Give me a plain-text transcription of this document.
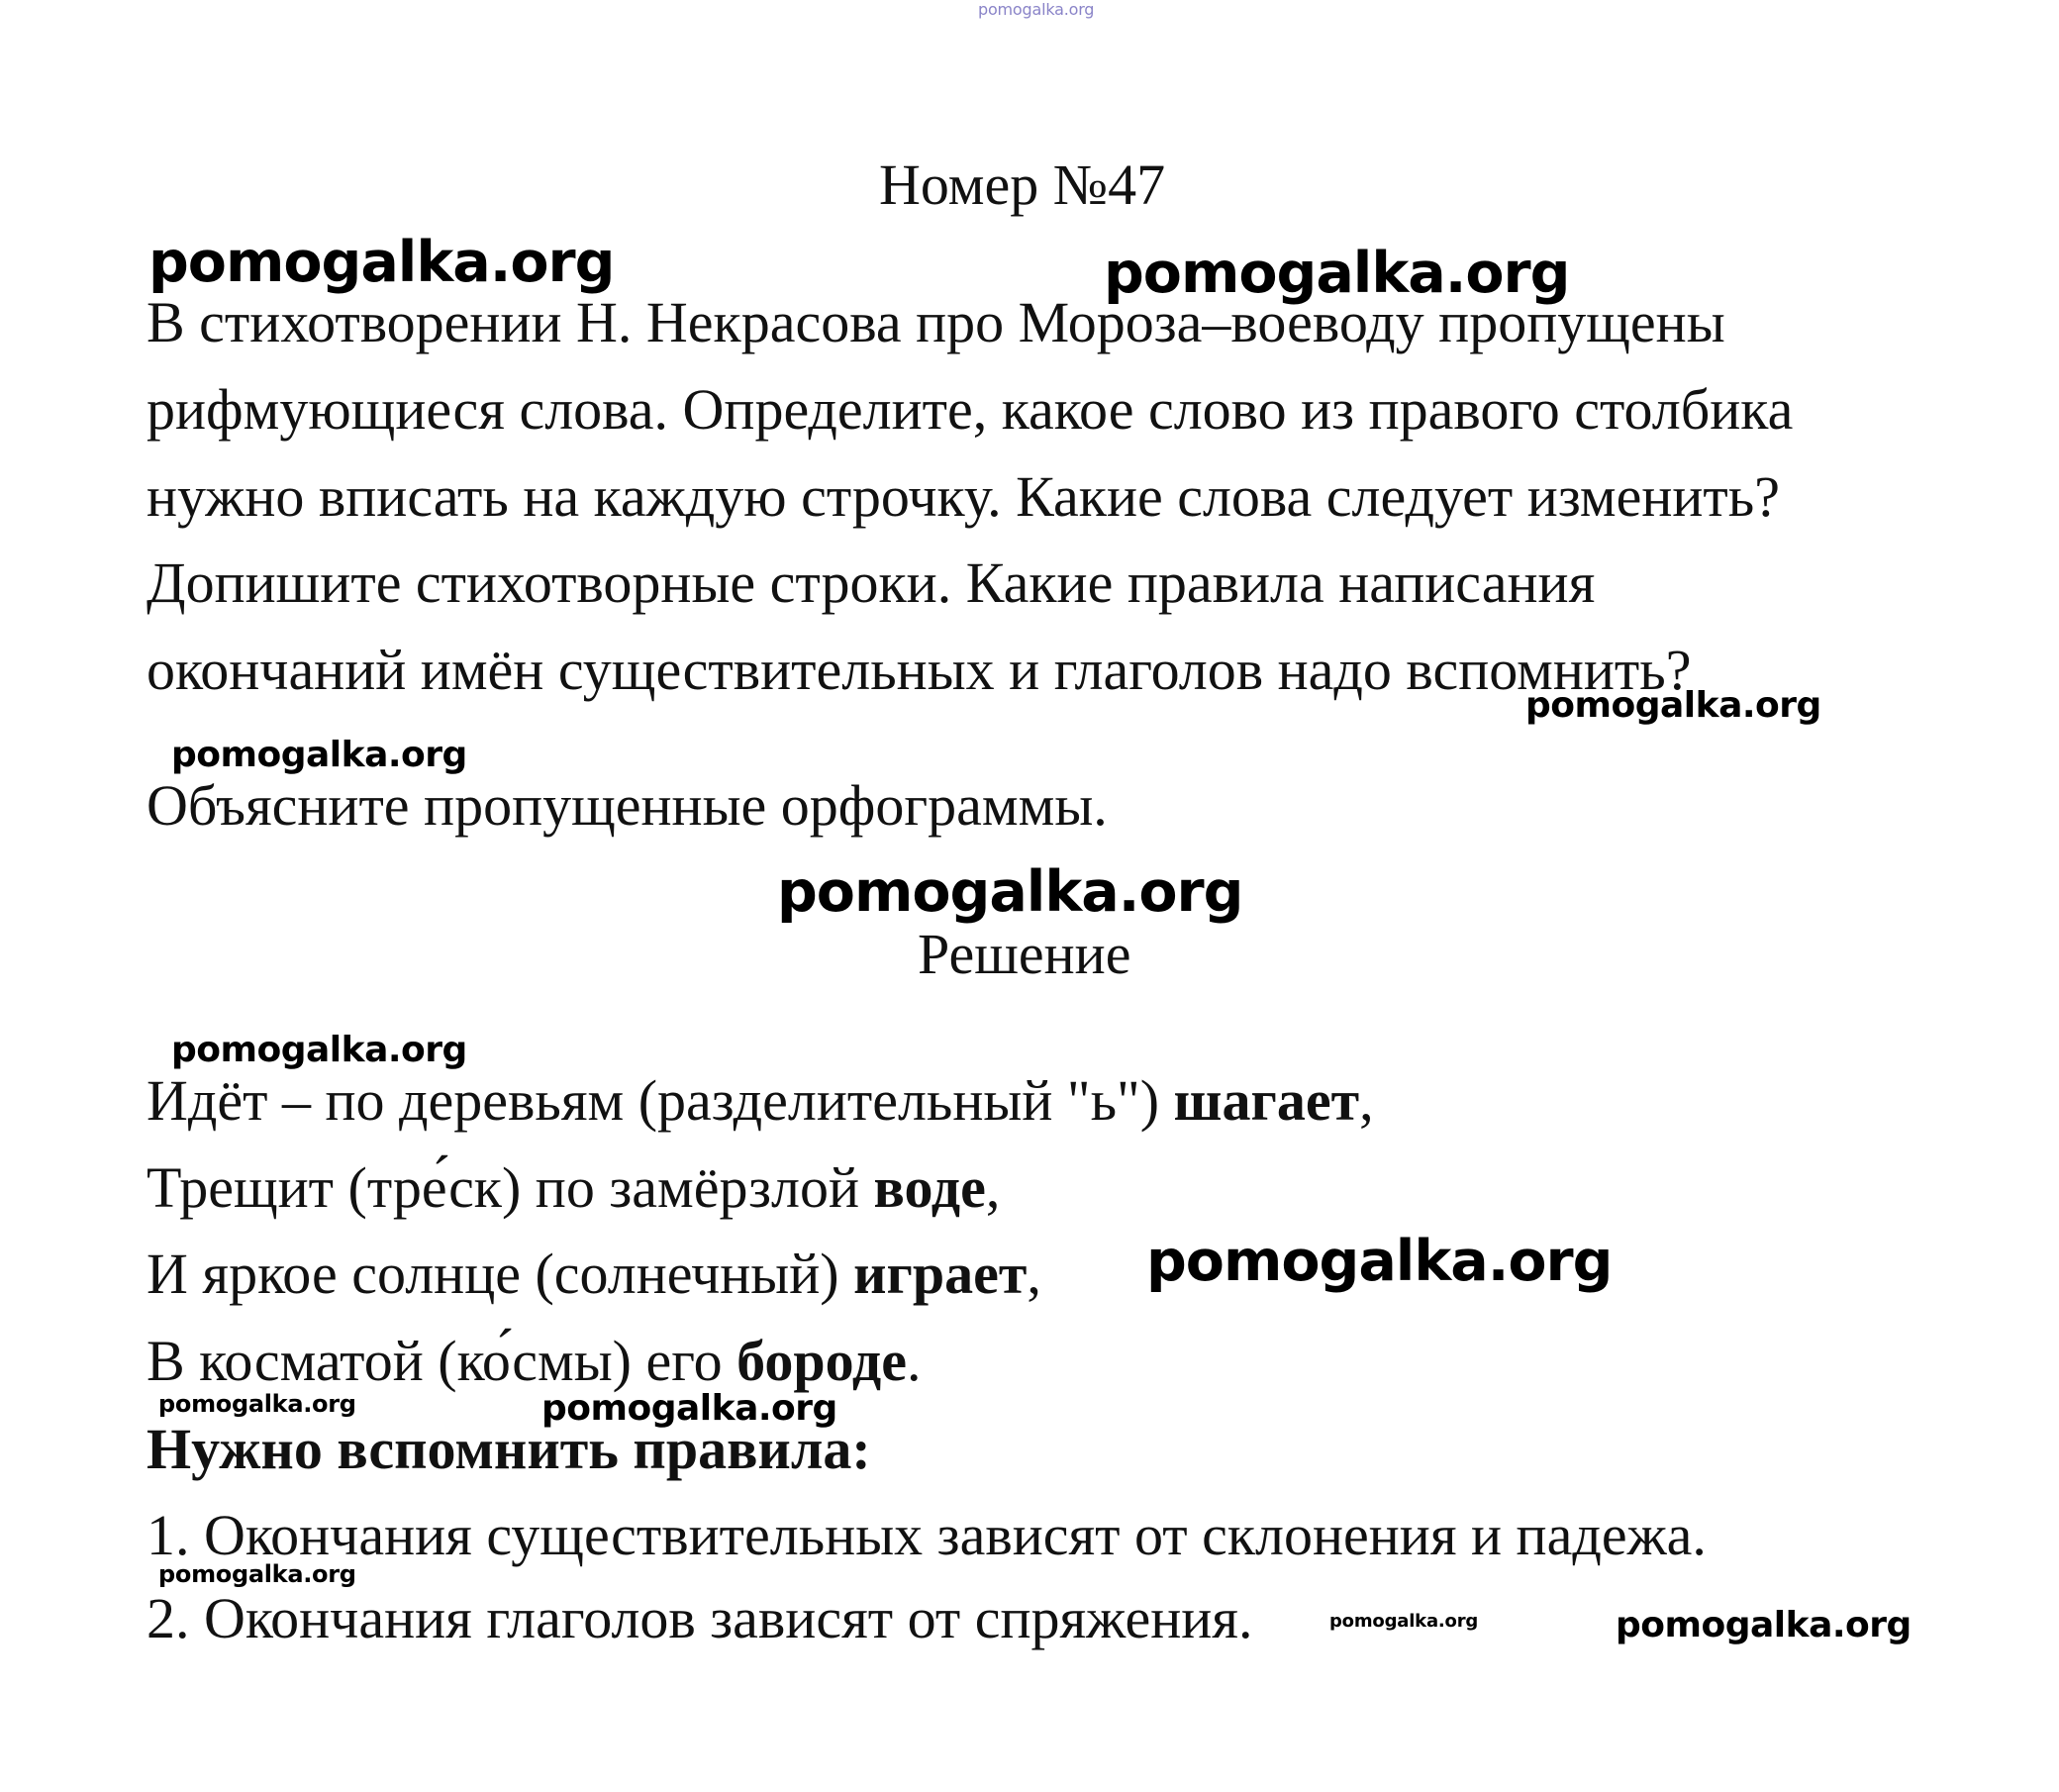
pomogalka.org
Номер №47
pomogalka.org	pomogalka.org
В стихотворении Н. Некрасова про Мороза–воеводу пропущены
рифмующиеся слова. Определите, какое слово из правого столбика
нужно вписать на каждую строчку. Какие слова следует изменить?
Допишите стихотворные строки. Какие правила написания
окончаний имён существительных и глаголов надо вспомнить?
pomogalka.org
pomogalka.org
Объясните пропущенные орфограммы.
pomogalka.org
Решение
pomogalka.org
Идёт – по деревьям (разделительный "ь") шагает,
Трещит (тре́ск) по замёрзлой воде,
И яркое солнце (солнечный) играет,
В косматой (ко́смы) его бороде.
pomogalka.org
pomogalka.org	pomogalka.org
Нужно вспомнить правила:
1. Окончания существительных зависят от склонения и падежа.
pomogalka.org
2. Окончания глаголов зависят от спряжения.	pomogalka.org	pomogalka.org
